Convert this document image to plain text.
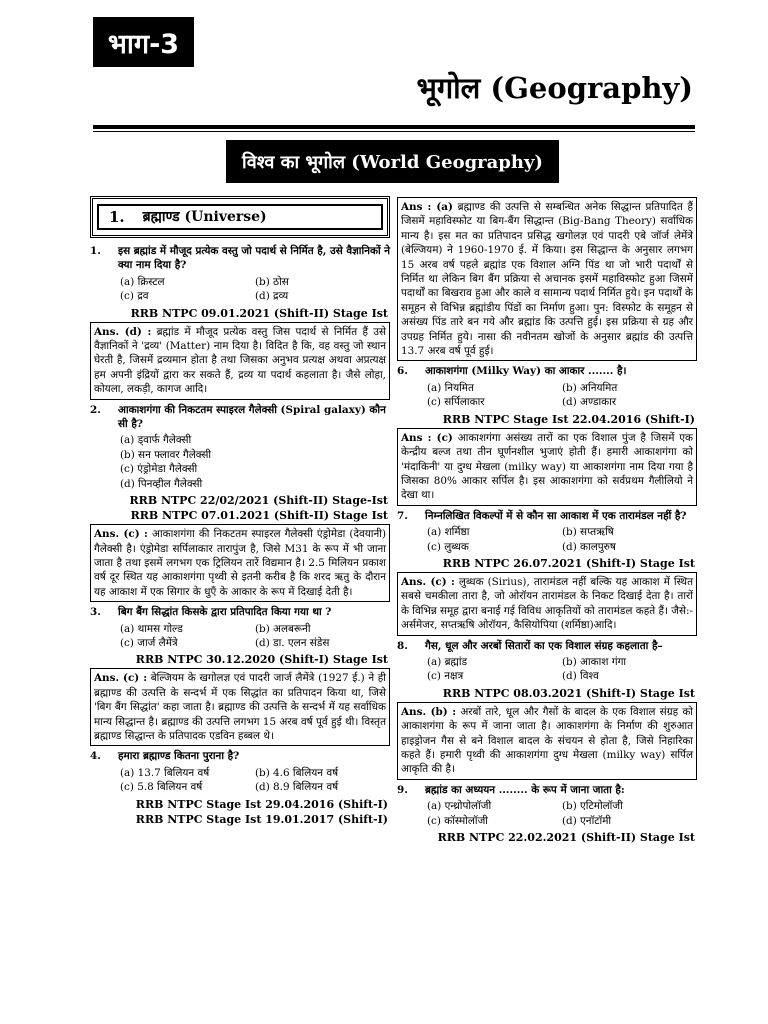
भाग-3
भूगोल (Geography)
विश्व का भूगोल (World Geography)
1. ब्रह्माण्ड (Universe)
1.	इस ब्रह्मांड में मौजूद प्रत्येक वस्तु जो पदार्थ से निर्मित है, उसे वैज्ञानिकों ने क्या नाम दिया है?
(a) क्रिस्टल	(b) ठोस
(c) द्रव	(d) द्रव्य
RRB NTPC 09.01.2021 (Shift-II) Stage Ist
Ans. (d) : ब्रह्मांड में मौजूद प्रत्येक वस्तु जिस पदार्थ से निर्मित हैं उसे वैज्ञानिकों ने 'द्रव्य' (Matter) नाम दिया है। विदित है कि, वह वस्तु जो स्थान घेरती है, जिसमें द्रव्यमान होता है तथा जिसका अनुभव प्रत्यक्ष अथवा अप्रत्यक्ष हम अपनी इंद्रियों द्वारा कर सकते हैं, द्रव्य या पदार्थ कहलाता है। जैसे लोहा, कोयला, लकड़ी, कागज आदि।
2.	आकाशगंगा की निकटतम स्पाइरल गैलेक्सी (Spiral galaxy) कौन सी है?
(a) ड्वार्फ गैलेक्सी
(b) सन फ्लावर गैलेक्सी
(c) एंड्रोमेडा गैलेक्सी
(d) पिनव्हील गैलेक्सी
RRB NTPC 22/02/2021 (Shift-II) Stage-Ist
RRB NTPC 07.01.2021 (Shift-II) Stage Ist
Ans. (c) : आकाशगंगा की निकटतम स्पाइरल गैलेक्सी एंड्रोमेडा (देवयानी) गैलेक्सी है। एंड्रोमेडा सर्पिलाकार तारापुंज है, जिसे M31 के रूप में भी जाना जाता है तथा इसमें लगभग एक ट्रिलियन तारें विद्यमान है। 2.5 मिलियन प्रकाश वर्ष दूर स्थित यह आकाशगंगा पृथ्वी से इतनी करीब है कि शरद ऋतु के दौरान यह आकाश में एक सिगार के धुएँ के आकार के रूप में दिखाई देती है।
3.	बिग बैंग सिद्धांत किसके द्वारा प्रतिपादित किया गया था ?
(a) थामस गोल्ड	(b) अलबरूनी
(c) जार्ज लैमेंत्रे	(d) डा. एलन संडेस
RRB NTPC 30.12.2020 (Shift-I) Stage Ist
Ans. (c) : बेल्जियम के खगोलज्ञ एवं पादरी जार्ज लैमेंत्रे (1927 ई.) ने ही ब्रह्माण्ड की उत्पत्ति के सन्दर्भ में एक सिद्धांत का प्रतिपादन किया था, जिसे 'बिग बैंग सिद्धांत' कहा जाता है। ब्रह्माण्ड की उत्पत्ति के सन्दर्भ में यह सर्वाधिक मान्य सिद्धान्त है। ब्रह्माण्ड की उत्पत्ति लगभग 15 अरब वर्ष पूर्व हुई थी। विस्तृत ब्रह्माण्ड सिद्धान्त के प्रतिपादक एडविन हब्बल थे।
4.	हमारा ब्रह्माण्ड कितना पुराना है?
(a) 13.7 बिलियन वर्ष	(b) 4.6 बिलियन वर्ष
(c) 5.8 बिलियन वर्ष	(d) 8.9 बिलियन वर्ष
RRB NTPC Stage Ist 29.04.2016 (Shift-I)
RRB NTPC Stage Ist 19.01.2017 (Shift-I)
Ans : (a) ब्रह्माण्ड की उत्पत्ति से सम्बन्धित अनेक सिद्धान्त प्रतिपादित हैं जिसमें महाविस्फोट या बिग-बैंग सिद्धान्त (Big-Bang Theory) सर्वाधिक मान्य है। इस मत का प्रतिपादन प्रसिद्ध खगोलज्ञ एवं पादरी एबे जॉर्ज लेमेंत्रे (बेल्जियम) ने 1960-1970 ई. में किया। इस सिद्धान्त के अनुसार लगभग 15 अरब वर्ष पहले ब्रह्मांड एक विशाल अग्नि पिंड था जो भारी पदार्थों से निर्मित था लेकिन बिग बैंग प्रक्रिया से अचानक इसमें महाविस्फोट हुआ जिसमें पदार्थों का बिखराव हुआ और काले व सामान्य पदार्थ निर्मित हुये। इन पदार्थों के समूहन से विभिन्न ब्रह्मांडीय पिंडों का निर्माण हुआ। पुन: विस्फोट के समूहन से असंख्य पिंड तारे बन गये और ब्रह्मांड कि उत्पत्ति हुई। इस प्रक्रिया से ग्रह और उपग्रह निर्मित हुये। नासा की नवीनतम खोजों के अनुसार ब्रह्मांड की उत्पत्ति 13.7 अरब वर्ष पूर्व हुई।
6.	आकाशगंगा (Milky Way) का आकार ....... है।
(a) नियमित	(b) अनियमित
(c) सर्पिलाकार	(d) अण्डाकार
RRB NTPC Stage Ist 22.04.2016 (Shift-I)
Ans : (c) आकाशगंगा असंख्य तारों का एक विशाल पुंज है जिसमें एक केन्द्रीय बल्ज तथा तीन घूर्णनशील भुजाएं होती हैं। हमारी आकाशगंगा को 'मंदाकिनी' या दुग्ध मेखला (milky way) या आकाशगंगा नाम दिया गया है जिसका 80% आकार सर्पिल है। इस आकाशगंगा को सर्वप्रथम गैलीलियो ने देखा था।
7.	निम्नलिखित विकल्पों में से कौन सा आकाश में एक तारामंडल नहीं है?
(a) शर्मिष्ठा	(b) सप्तऋषि
(c) लुब्धक	(d) कालपुरुष
RRB NTPC 26.07.2021 (Shift-I) Stage Ist
Ans. (c) : लुब्धक (Sirius), तारामंडल नहीं बल्कि यह आकाश में स्थित सबसे चमकीला तारा है, जो ओरॉयन तारामंडल के निकट दिखाई देता है। तारों के विभिन्न समूह द्वारा बनाई गई विविध आकृतियों को तारामंडल कहते हैं। जैसे:- अर्समेजर, सप्तऋषि ओरॉयन, कैसियोपिया (शर्मिष्ठा)आदि।
8.	गैस, धूल और अरबों सितारों का एक विशाल संग्रह कहलाता है–
(a) ब्रह्मांड	(b) आकाश गंगा
(c) नक्षत्र	(d) विश्व
RRB NTPC 08.03.2021 (Shift-I) Stage Ist
Ans. (b) : अरबों तारे, धूल और गैसों के बादल के एक विशाल संग्रह को आकाशगंगा के रूप में जाना जाता है। आकाशगंगा के निर्माण की शुरुआत हाइड्रोजन गैस से बने विशाल बादल के संचयन से होता है, जिसे निहारिका कहते हैं। हमारी पृथ्वी की आकाशगंगा दुग्ध मेखला (milky way) सर्पिल आकृति की है।
9.	ब्रह्मांड का अध्ययन ........ के रूप में जाना जाता है:
(a) एन्थ्रोपोलॉजी	(b) एटिमोलॉजी
(c) कॉस्मोलॉजी	(d) एनॉटॉमी
RRB NTPC 22.02.2021 (Shift-II) Stage Ist
